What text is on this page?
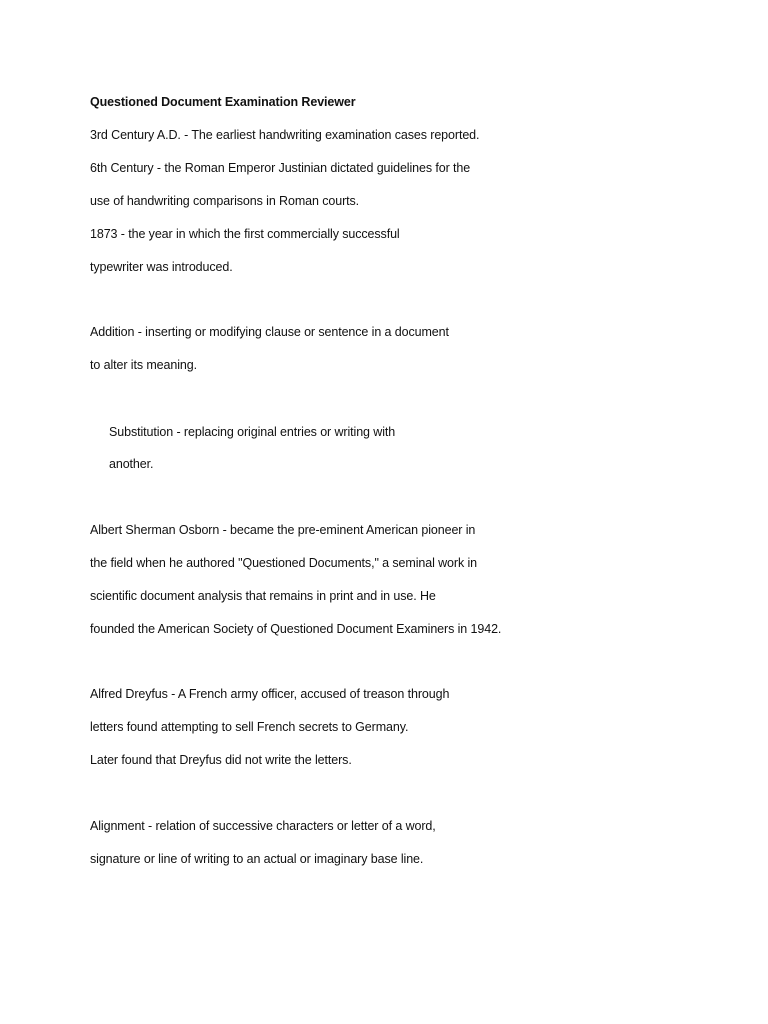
Questioned Document Examination Reviewer
3rd Century A.D. - The earliest handwriting examination cases reported.
6th Century - the Roman Emperor Justinian dictated guidelines for the
use of handwriting comparisons in Roman courts.
1873 - the year in which the first commercially successful
typewriter was introduced.
Addition - inserting or modifying clause or sentence in a document
to alter its meaning.
Substitution - replacing original entries or writing with
another.
Albert Sherman Osborn - became the pre-eminent American pioneer in
the field when he authored "Questioned Documents," a seminal work in
scientific document analysis that remains in print and in use. He
founded the American Society of Questioned Document Examiners in 1942.
Alfred Dreyfus - A French army officer, accused of treason through
letters found attempting to sell French secrets to Germany.
Later found that Dreyfus did not write the letters.
Alignment - relation of successive characters or letter of a word,
signature or line of writing to an actual or imaginary base line.
